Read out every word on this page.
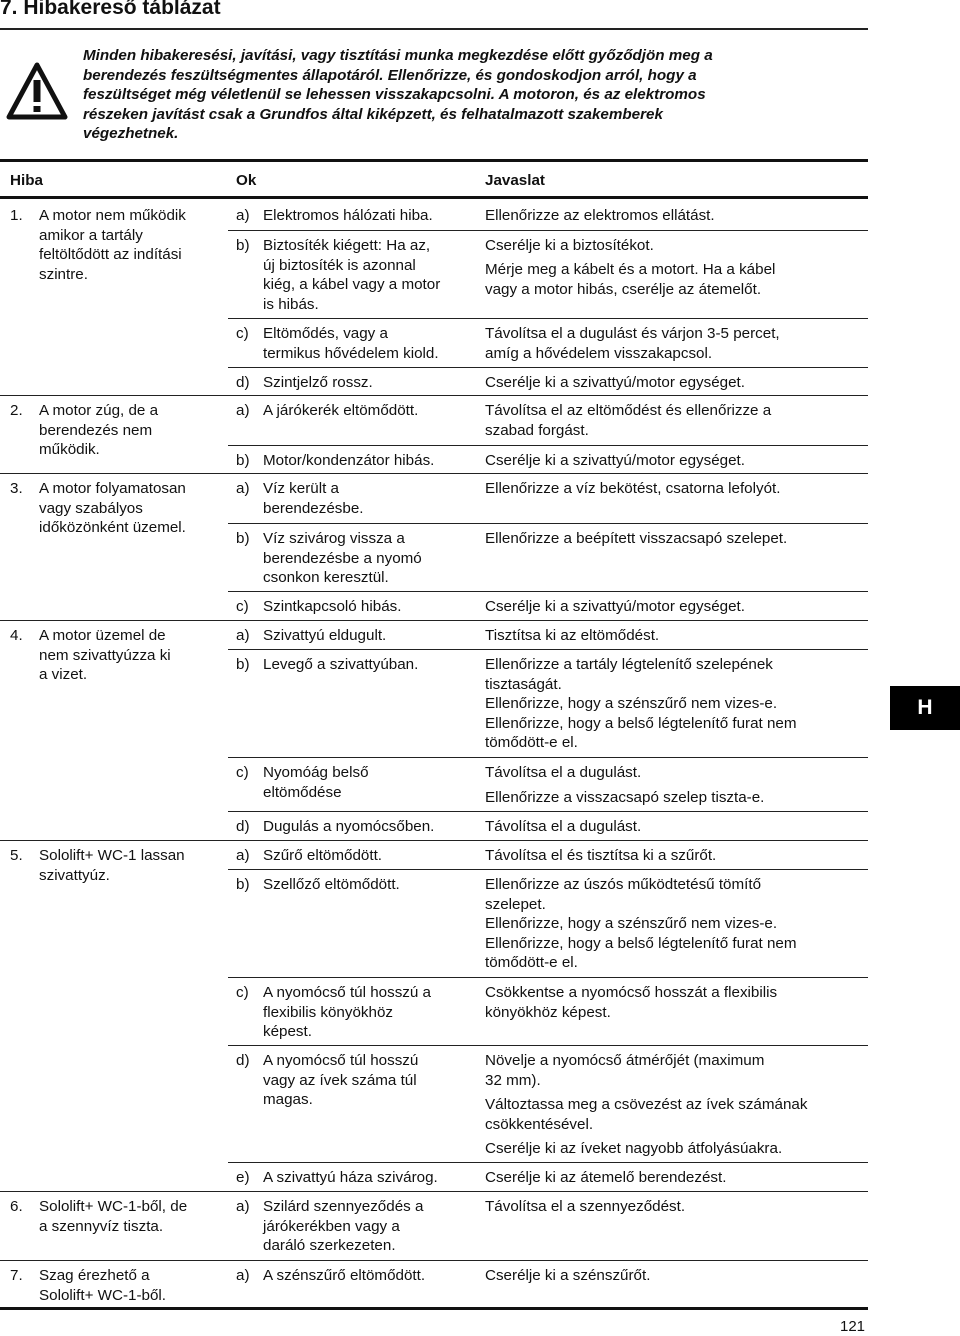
7. Hibakereső táblázat
Minden hibakeresési, javítási, vagy tisztítási munka megkezdése előtt győződjön meg a
berendezés feszültségmentes állapotáról. Ellenőrizze, és gondoskodjon arról, hogy a
feszültséget még véletlenül se lehessen visszakapcsolni. A motoron, és az elektromos
részeken javítást csak a Grundfos által kiképzett, és felhatalmazott szakemberek
végezhetnek.
Hiba	Ok	Javaslat
1. A motor nem működik
amikor a tartály
feltöltődött az indítási
szintre.
2. A motor zúg, de a
berendezés nem
működik.
3. A motor folyamatosan
vagy szabályos
időközönként üzemel.
4. A motor üzemel de
nem szivattyúzza ki
a vizet.
5. Sololift+ WC-1 lassan
szivattyúz.
6. Sololift+ WC-1-ből, de
a szennyvíz tiszta.
7. Szag érezhető a
Sololift+ WC-1-ből.
a) Elektromos hálózati hiba.
b) Biztosíték kiégett: Ha az,
új biztosíték is azonnal
kiég, a kábel vagy a motor
is hibás.
c) Eltömődés, vagy a
termikus hővédelem kiold.
d) Szintjelző rossz.
a) A járókerék eltömődött.
b) Motor/kondenzátor hibás.
a) Víz került a
berendezésbe.
b) Víz szivárog vissza a
berendezésbe a nyomó
csonkon keresztül.
c) Szintkapcsoló hibás.
a) Szivattyú eldugult.
b) Levegő a szivattyúban.
c) Nyomóág belső
eltömődése
d) Dugulás a nyomócsőben.
a) Szűrő eltömődött.
b) Szellőző eltömődött.
c) A nyomócső túl hosszú a
flexibilis könyökhöz
képest.
d) A nyomócső túl hosszú
vagy az ívek száma túl
magas.
e) A szivattyú háza szivárog.
a) Szilárd szennyeződés a
járókerékben vagy a
daráló szerkezeten.
a) A szénszűrő eltömődött.
Ellenőrizze az elektromos ellátást.
Cserélje ki a biztosítékot.
Mérje meg a kábelt és a motort. Ha a kábel
vagy a motor hibás, cserélje az átemelőt.
Távolítsa el a dugulást és várjon 3-5 percet,
amíg a hővédelem visszakapcsol.
Cserélje ki a szivattyú/motor egységet.
Távolítsa el az eltömődést és ellenőrizze a
szabad forgást.
Cserélje ki a szivattyú/motor egységet.
Ellenőrizze a víz bekötést, csatorna lefolyót.
Ellenőrizze a beépített visszacsapó szelepet.
Cserélje ki a szivattyú/motor egységet.
Tisztítsa ki az eltömődést.
Ellenőrizze a tartály légtelenítő szelepének
tisztaságát.
Ellenőrizze, hogy a szénszűrő nem vizes-e.
Ellenőrizze, hogy a belső légtelenítő furat nem
tömődött-e el.
Távolítsa el a dugulást.
Ellenőrizze a visszacsapó szelep tiszta-e.
Távolítsa el a dugulást.
Távolítsa el és tisztítsa ki a szűrőt.
Ellenőrizze az úszós működtetésű tömítő
szelepet.
Ellenőrizze, hogy a szénszűrő nem vizes-e.
Ellenőrizze, hogy a belső légtelenítő furat nem
tömődött-e el.
Csökkentse a nyomócső hosszát a flexibilis
könyökhöz képest.
Növelje a nyomócső átmérőjét (maximum
32 mm).
Változtassa meg a csövezést az ívek számának
csökkentésével.
Cserélje ki az íveket nagyobb átfolyásúakra.
Cserélje ki az átemelő berendezést.
Távolítsa el a szennyeződést.
Cserélje ki a szénszűrőt.
H
121
